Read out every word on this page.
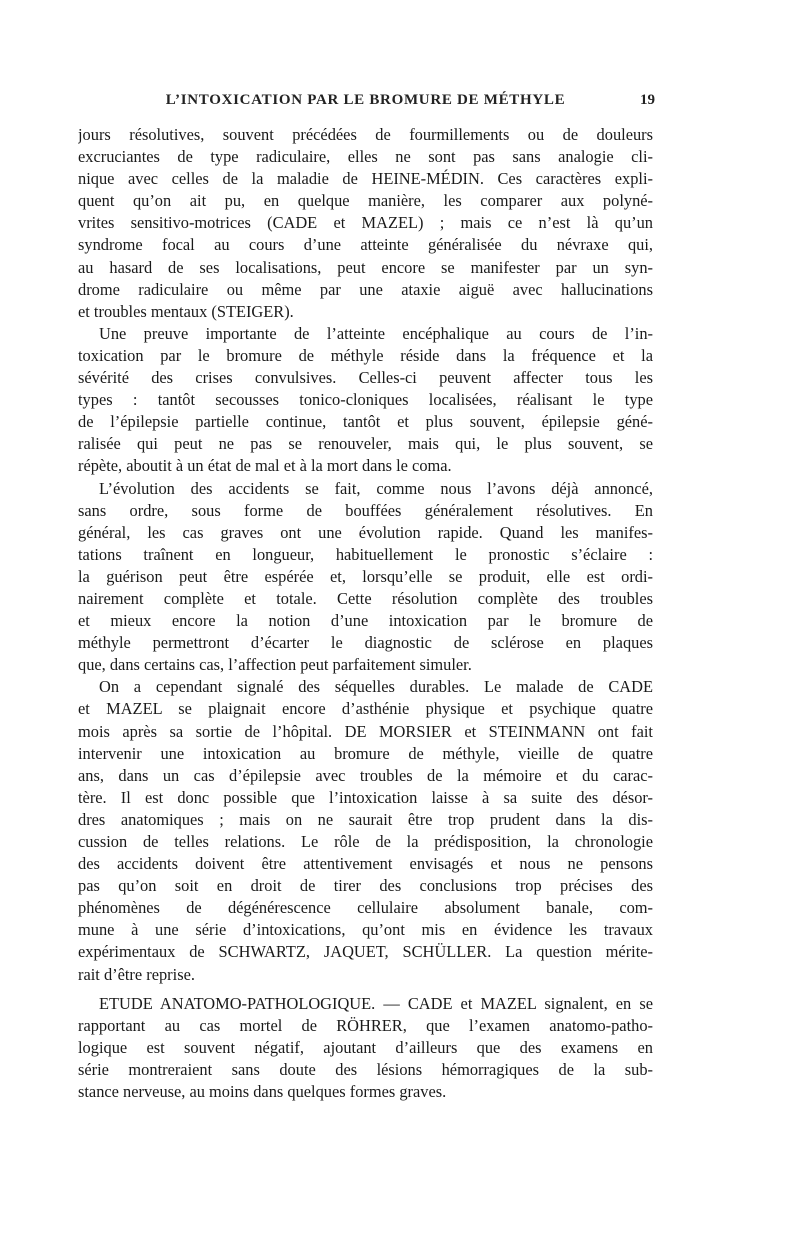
L’INTOXICATION PAR LE BROMURE DE MÉTHYLE	19
jours résolutives, souvent précédées de fourmillements ou de douleurs
excruciantes de type radiculaire, elles ne sont pas sans analogie cli-
nique avec celles de la maladie de HEINE-MÉDIN. Ces caractères expli-
quent qu’on ait pu, en quelque manière, les comparer aux polyné-
vrites sensitivo-motrices (CADE et MAZEL) ; mais ce n’est là qu’un
syndrome focal au cours d’une atteinte généralisée du névraxe qui,
au hasard de ses localisations, peut encore se manifester par un syn-
drome radiculaire ou même par une ataxie aiguë avec hallucinations
et troubles mentaux (STEIGER).
Une preuve importante de l’atteinte encéphalique au cours de l’in-
toxication par le bromure de méthyle réside dans la fréquence et la
sévérité des crises convulsives. Celles-ci peuvent affecter tous les
types : tantôt secousses tonico-cloniques localisées, réalisant le type
de l’épilepsie partielle continue, tantôt et plus souvent, épilepsie géné-
ralisée qui peut ne pas se renouveler, mais qui, le plus souvent, se
répète, aboutit à un état de mal et à la mort dans le coma.
L’évolution des accidents se fait, comme nous l’avons déjà annoncé,
sans ordre, sous forme de bouffées généralement résolutives. En
général, les cas graves ont une évolution rapide. Quand les manifes-
tations traînent en longueur, habituellement le pronostic s’éclaire :
la guérison peut être espérée et, lorsqu’elle se produit, elle est ordi-
nairement complète et totale. Cette résolution complète des troubles
et mieux encore la notion d’une intoxication par le bromure de
méthyle permettront d’écarter le diagnostic de sclérose en plaques
que, dans certains cas, l’affection peut parfaitement simuler.
On a cependant signalé des séquelles durables. Le malade de CADE
et MAZEL se plaignait encore d’asthénie physique et psychique quatre
mois après sa sortie de l’hôpital. DE MORSIER et STEINMANN ont fait
intervenir une intoxication au bromure de méthyle, vieille de quatre
ans, dans un cas d’épilepsie avec troubles de la mémoire et du carac-
tère. Il est donc possible que l’intoxication laisse à sa suite des désor-
dres anatomiques ; mais on ne saurait être trop prudent dans la dis-
cussion de telles relations. Le rôle de la prédisposition, la chronologie
des accidents doivent être attentivement envisagés et nous ne pensons
pas qu’on soit en droit de tirer des conclusions trop précises des
phénomènes de dégénérescence cellulaire absolument banale, com-
mune à une série d’intoxications, qu’ont mis en évidence les travaux
expérimentaux de SCHWARTZ, JAQUET, SCHÜLLER. La question mérite-
rait d’être reprise.
ETUDE ANATOMO-PATHOLOGIQUE. — CADE et MAZEL signalent, en se
rapportant au cas mortel de RÖHRER, que l’examen anatomo-patho-
logique est souvent négatif, ajoutant d’ailleurs que des examens en
série montreraient sans doute des lésions hémorragiques de la sub-
stance nerveuse, au moins dans quelques formes graves.
